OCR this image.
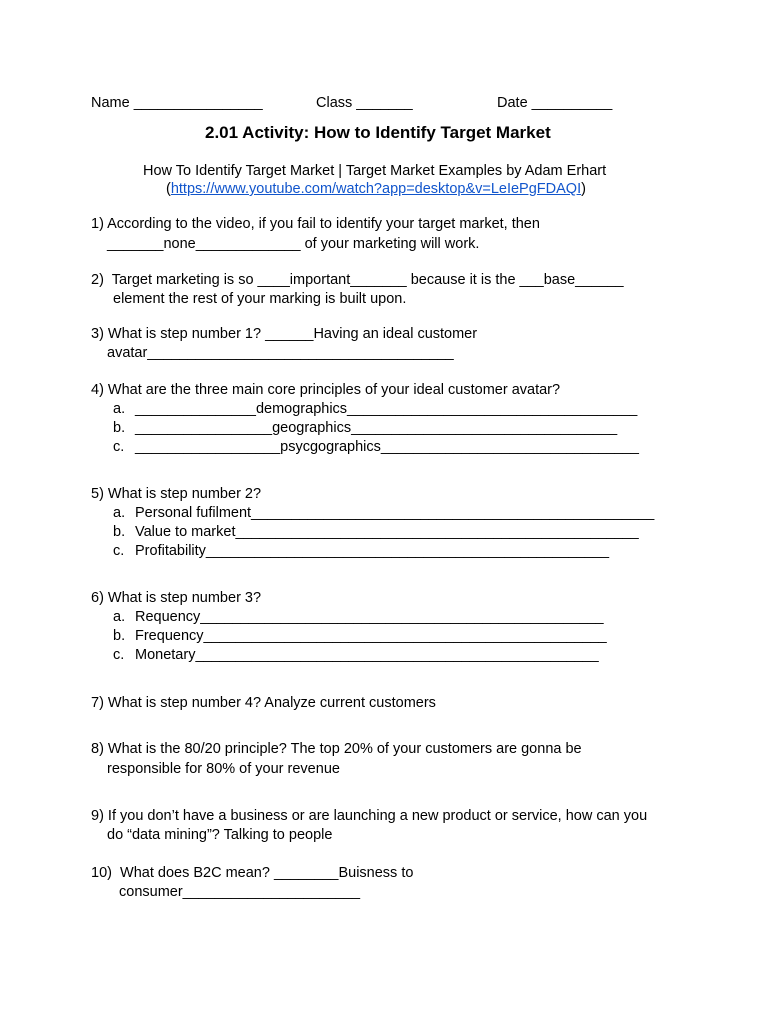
Name ________________	Class _______	Date __________
2.01 Activity: How to Identify Target Market
How To Identify Target Market | Target Market Examples by Adam Erhart
(https://www.youtube.com/watch?app=desktop&v=LeIePgFDAQI)
1) According to the video, if you fail to identify your target market, then
_______none_____________ of your marketing will work.
2)  Target marketing is so ____important_______ because it is the ___base______
element the rest of your marking is built upon.
3) What is step number 1? ______Having an ideal customer
avatar______________________________________
4) What are the three main core principles of your ideal customer avatar?
a. _______________demographics____________________________________
b. _________________geographics_________________________________
c. __________________psycgographics________________________________
5) What is step number 2?
a. Personal fufilment__________________________________________________
b. Value to market__________________________________________________
c. Profitability__________________________________________________
6) What is step number 3?
a. Requency__________________________________________________
b. Frequency__________________________________________________
c. Monetary__________________________________________________
7) What is step number 4? Analyze current customers
8) What is the 80/20 principle? The top 20% of your customers are gonna be
responsible for 80% of your revenue
9) If you don’t have a business or are launching a new product or service, how can you
do “data mining”? Talking to people
10)  What does B2C mean? ________Buisness to
consumer______________________
